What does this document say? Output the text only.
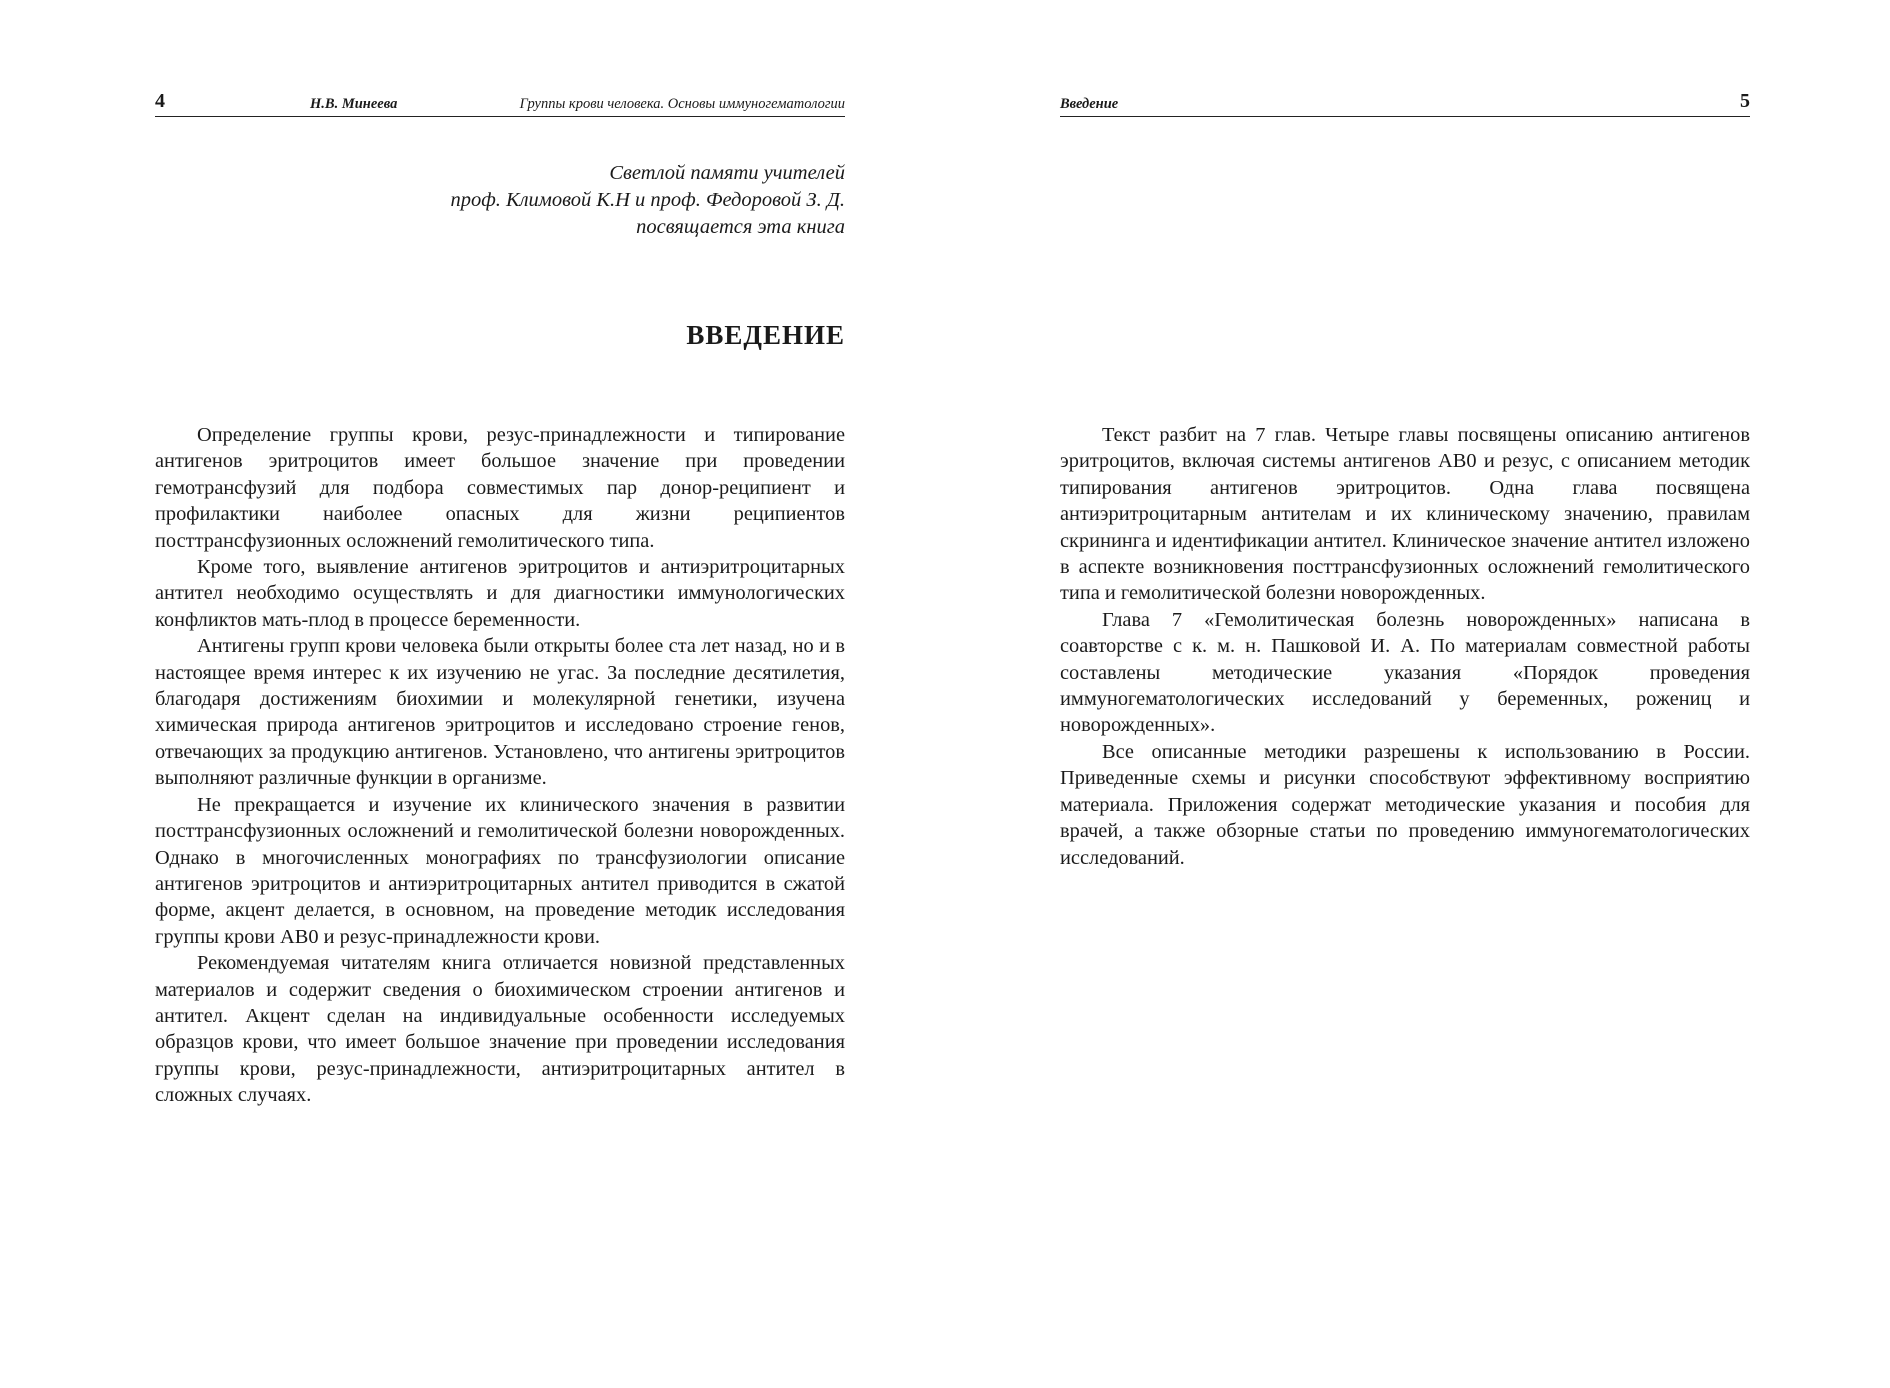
4	Н.В. Минеева	Группы крови человека. Основы иммуногематологии
Светлой памяти учителей
проф. Климовой К.Н и проф. Федоровой З. Д.
посвящается эта книга
ВВЕДЕНИЕ

Определение группы крови, резус-принадлежности и типирование антигенов эритроцитов имеет большое значение при проведении гемотрансфузий для подбора совместимых пар донор-реципиент и профилактики наиболее опасных для жизни реципиентов посттрансфузионных осложнений гемолитического типа.

Кроме того, выявление антигенов эритроцитов и антиэритроцитарных антител необходимо осуществлять и для диагностики иммунологических конфликтов мать-плод в процессе беременности.

Антигены групп крови человека были открыты более ста лет назад, но и в настоящее время интерес к их изучению не угас. За последние десятилетия, благодаря достижениям биохимии и молекулярной генетики, изучена химическая природа антигенов эритроцитов и исследовано строение генов, отвечающих за продукцию антигенов. Установлено, что антигены эритроцитов выполняют различные функции в организме.

Не прекращается и изучение их клинического значения в развитии посттрансфузионных осложнений и гемолитической болезни новорожденных. Однако в многочисленных монографиях по трансфузиологии описание антигенов эритроцитов и антиэритроцитарных антител приводится в сжатой форме, акцент делается, в основном, на проведение методик исследования группы крови АВ0 и резус-принадлежности крови.

Рекомендуемая читателям книга отличается новизной представленных материалов и содержит сведения о биохимическом строении антигенов и антител. Акцент сделан на индивидуальные особенности исследуемых образцов крови, что имеет большое значение при проведении исследования группы крови, резус-принадлежности, антиэритроцитарных антител в сложных случаях.

Введение	5

Текст разбит на 7 глав. Четыре главы посвящены описанию антигенов эритроцитов, включая системы антигенов АВ0 и резус, с описанием методик типирования антигенов эритроцитов. Одна глава посвящена антиэритроцитарным антителам и их клиническому значению, правилам скрининга и идентификации антител. Клиническое значение антител изложено в аспекте возникновения посттрансфузионных осложнений гемолитического типа и гемолитической болезни новорожденных.

Глава 7 «Гемолитическая болезнь новорожденных» написана в соавторстве с к. м. н. Пашковой И. А. По материалам совместной работы составлены методические указания «Порядок проведения иммуногематологических исследований у беременных, рожениц и новорожденных».

Все описанные методики разрешены к использованию в России. Приведенные схемы и рисунки способствуют эффективному восприятию материала. Приложения содержат методические указания и пособия для врачей, а также обзорные статьи по проведению иммуногематологических исследований.
